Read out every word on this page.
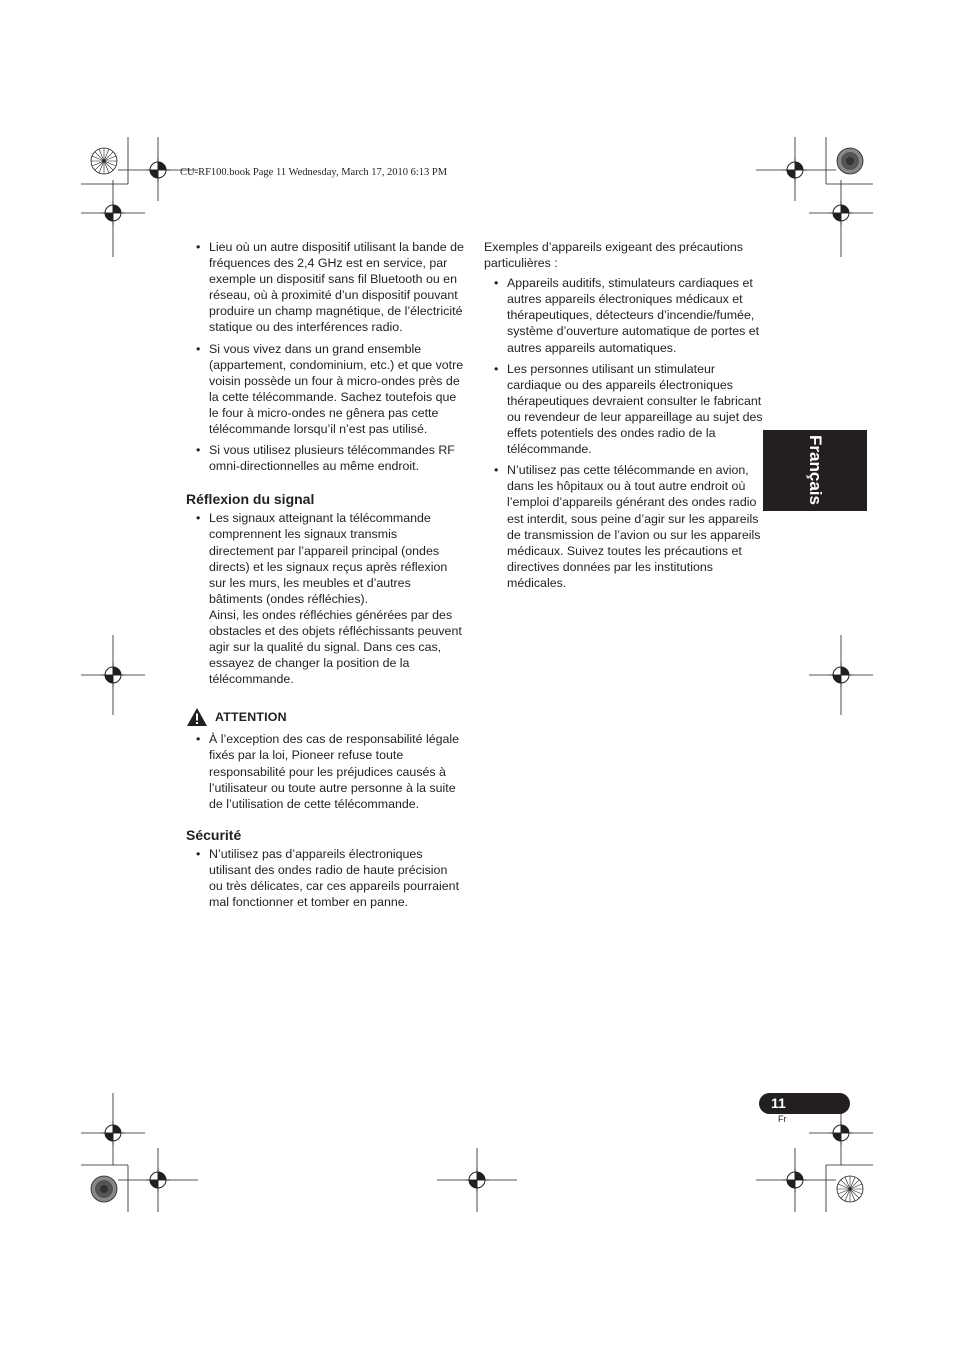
CU-RF100.book Page 11 Wednesday, March 17, 2010 6:13 PM
• Lieu où un autre dispositif utilisant la bande de fréquences des 2,4 GHz est en service, par exemple un dispositif sans fil Bluetooth ou en réseau, où à proximité d’un dispositif pouvant produire un champ magnétique, de l’électricité statique ou des interférences radio.
• Si vous vivez dans un grand ensemble (appartement, condominium, etc.) et que votre voisin possède un four à micro-ondes près de la cette télécommande. Sachez toutefois que le four à micro-ondes ne gênera pas cette télécommande lorsqu’il n’est pas utilisé.
• Si vous utilisez plusieurs télécommandes RF omni-directionnelles au même endroit.
Réflexion du signal
• Les signaux atteignant la télécommande comprennent les signaux transmis directement par l’appareil principal (ondes directs) et les signaux reçus après réflexion sur les murs, les meubles et d’autres bâtiments (ondes réfléchies).
Ainsi, les ondes réfléchies générées par des obstacles et des objets réfléchissants peuvent agir sur la qualité du signal. Dans ces cas, essayez de changer la position de la télécommande.
ATTENTION
• À l’exception des cas de responsabilité légale fixés par la loi, Pioneer refuse toute responsabilité pour les préjudices causés à l’utilisateur ou toute autre personne à la suite de l’utilisation de cette télécommande.
Sécurité
• N’utilisez pas d’appareils électroniques utilisant des ondes radio de haute précision ou très délicates, car ces appareils pourraient mal fonctionner et tomber en panne.

Exemples d’appareils exigeant des précautions particulières :

• Appareils auditifs, stimulateurs cardiaques et autres appareils électroniques médicaux et thérapeutiques, détecteurs d’incendie/fumée, système d’ouverture automatique de portes et autres appareils automatiques.
• Les personnes utilisant un stimulateur cardiaque ou des appareils électroniques thérapeutiques devraient consulter le fabricant ou revendeur de leur appareillage au sujet des effets potentiels des ondes radio de la télécommande.
• N’utilisez pas cette télécommande en avion, dans les hôpitaux ou à tout autre endroit où l’emploi d’appareils générant des ondes radio est interdit, sous peine d’agir sur les appareils de transmission de l’avion ou sur les appareils médicaux. Suivez toutes les précautions et directives données par les institutions médicales.
Français
11
Fr
